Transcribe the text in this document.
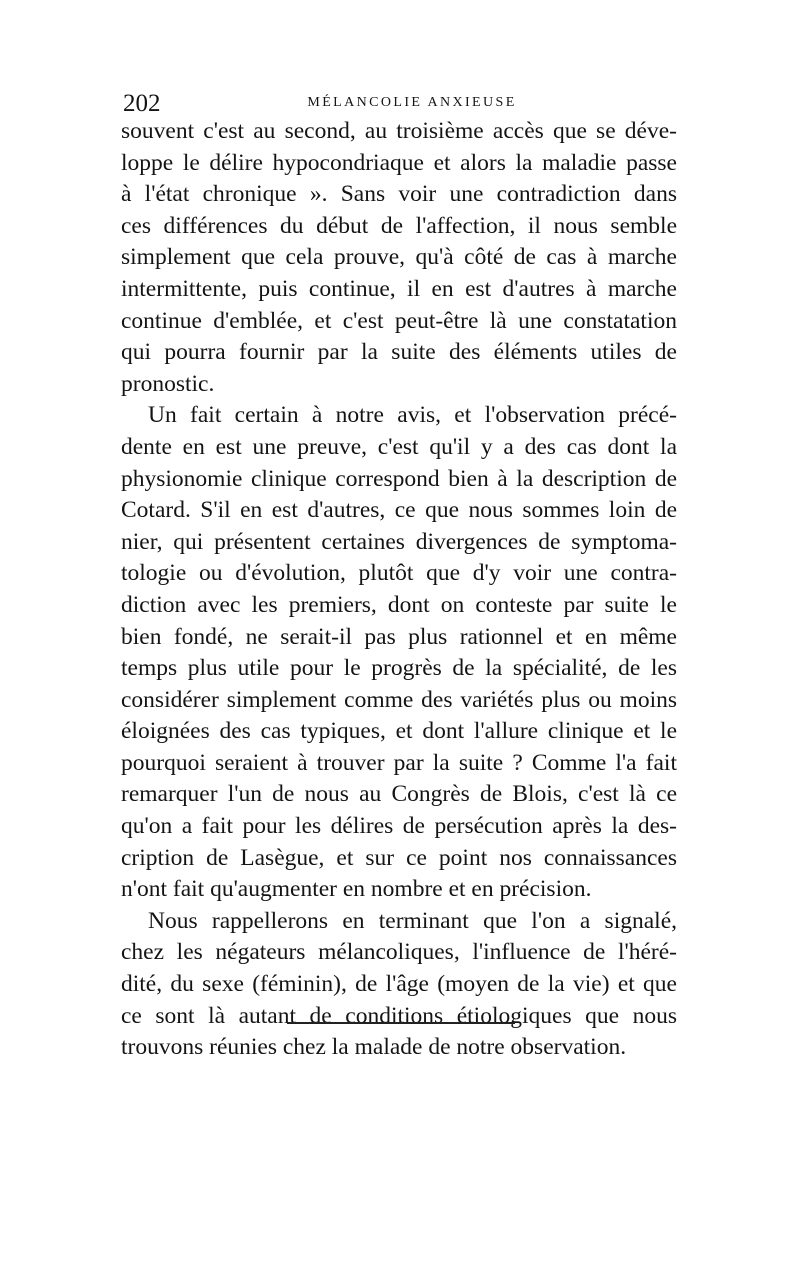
202	MÉLANCOLIE ANXIEUSE
souvent c'est au second, au troisième accès que se déve-
loppe le délire hypocondriaque et alors la maladie passe
à l'état chronique ». Sans voir une contradiction dans
ces différences du début de l'affection, il nous semble
simplement que cela prouve, qu'à côté de cas à marche
intermittente, puis continue, il en est d'autres à marche
continue d'emblée, et c'est peut-être là une constatation
qui pourra fournir par la suite des éléments utiles de
pronostic.
Un fait certain à notre avis, et l'observation précé-
dente en est une preuve, c'est qu'il y a des cas dont la
physionomie clinique correspond bien à la description de
Cotard. S'il en est d'autres, ce que nous sommes loin de
nier, qui présentent certaines divergences de symptoma-
tologie ou d'évolution, plutôt que d'y voir une contra-
diction avec les premiers, dont on conteste par suite le
bien fondé, ne serait-il pas plus rationnel et en même
temps plus utile pour le progrès de la spécialité, de les
considérer simplement comme des variétés plus ou moins
éloignées des cas typiques, et dont l'allure clinique et le
pourquoi seraient à trouver par la suite ? Comme l'a fait
remarquer l'un de nous au Congrès de Blois, c'est là ce
qu'on a fait pour les délires de persécution après la des-
cription de Lasègue, et sur ce point nos connaissances
n'ont fait qu'augmenter en nombre et en précision.
Nous rappellerons en terminant que l'on a signalé,
chez les négateurs mélancoliques, l'influence de l'héré-
dité, du sexe (féminin), de l'âge (moyen de la vie) et que
ce sont là autant de conditions étiologiques que nous
trouvons réunies chez la malade de notre observation.
